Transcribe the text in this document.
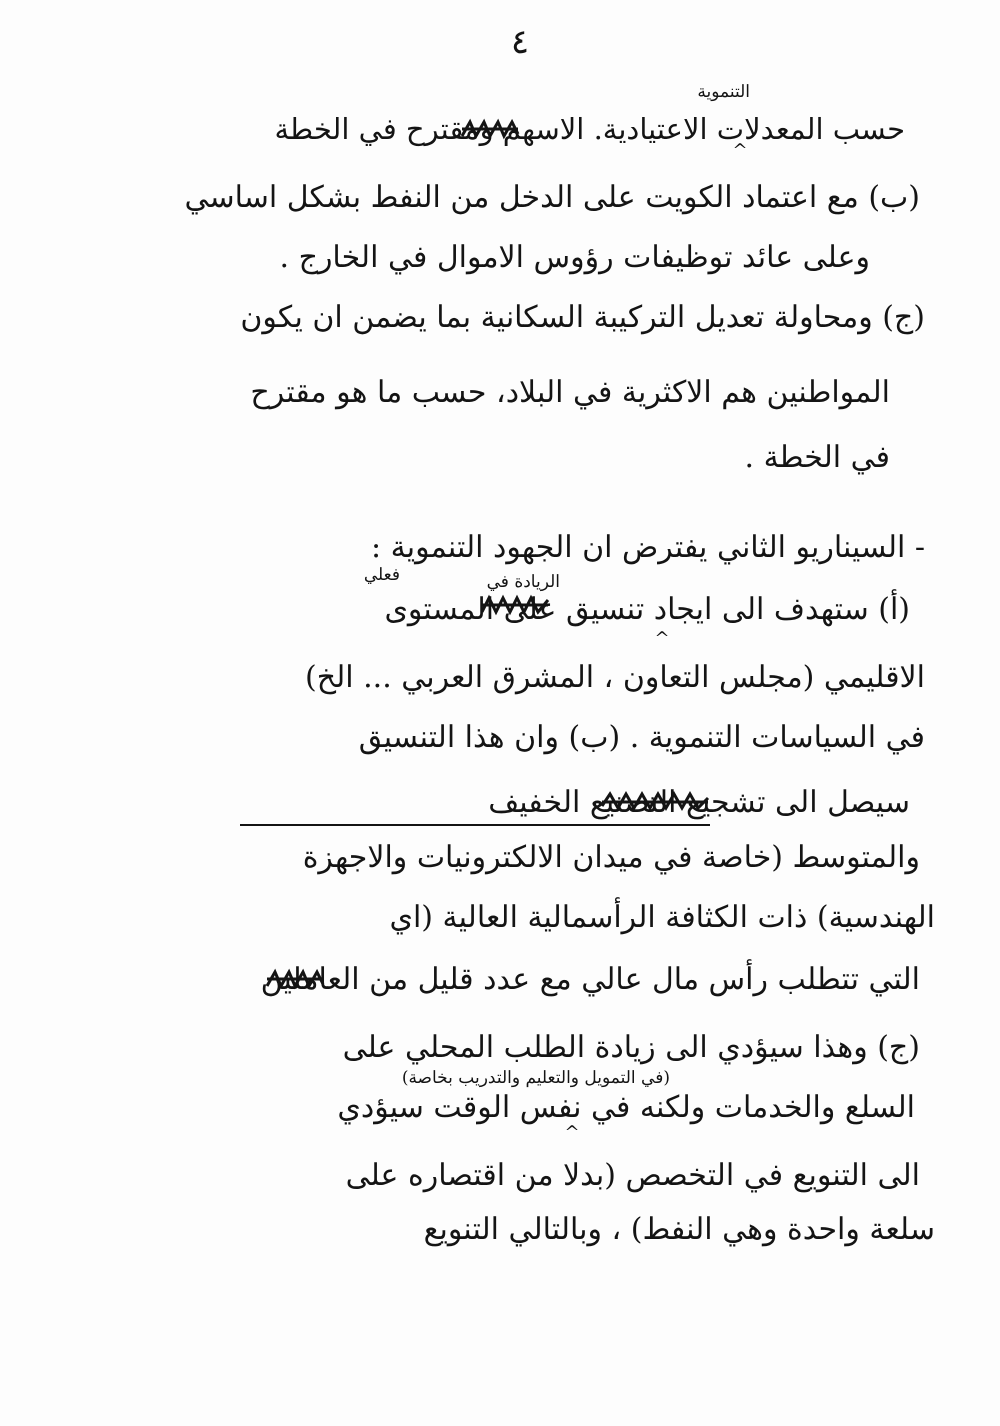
٤
التنموية
^
حسب المعدلات الاعتيادية. الاسهم ومقترح في الخطة
(ب) مع اعتماد الكويت على الدخل من النفط بشكل اساسي
وعلى عائد توظيفات رؤوس الاموال في الخارج .
(ج) ومحاولة تعديل التركيبة السكانية بما يضمن ان يكون
المواطنين هم الاكثرية في البلاد، حسب ما هو مقترح
في الخطة .
- السيناريو الثاني يفترض ان الجهود التنموية :
الريادة في
فعلي
(أ) ستهدف الى ايجاد تنسيق على المستوى
^
الاقليمي (مجلس التعاون ، المشرق العربي ... الخ)
في السياسات التنموية . (ب) وان هذا التنسيق
سيصل الى تشجيع التصنيع الخفيف
والمتوسط (خاصة في ميدان الالكترونيات والاجهزة
الهندسية) ذات الكثافة الرأسمالية العالية (اي
التي تتطلب رأس مال عالي مع عدد قليل من العاملين
(ج) وهذا سيؤدي الى زيادة الطلب المحلي على
(في التمويل والتعليم والتدريب بخاصة)
السلع والخدمات ولكنه في نفس الوقت سيؤدي
^
الى التنويع في التخصص (بدلا من اقتصاره على
سلعة واحدة وهي النفط) ، وبالتالي التنويع
